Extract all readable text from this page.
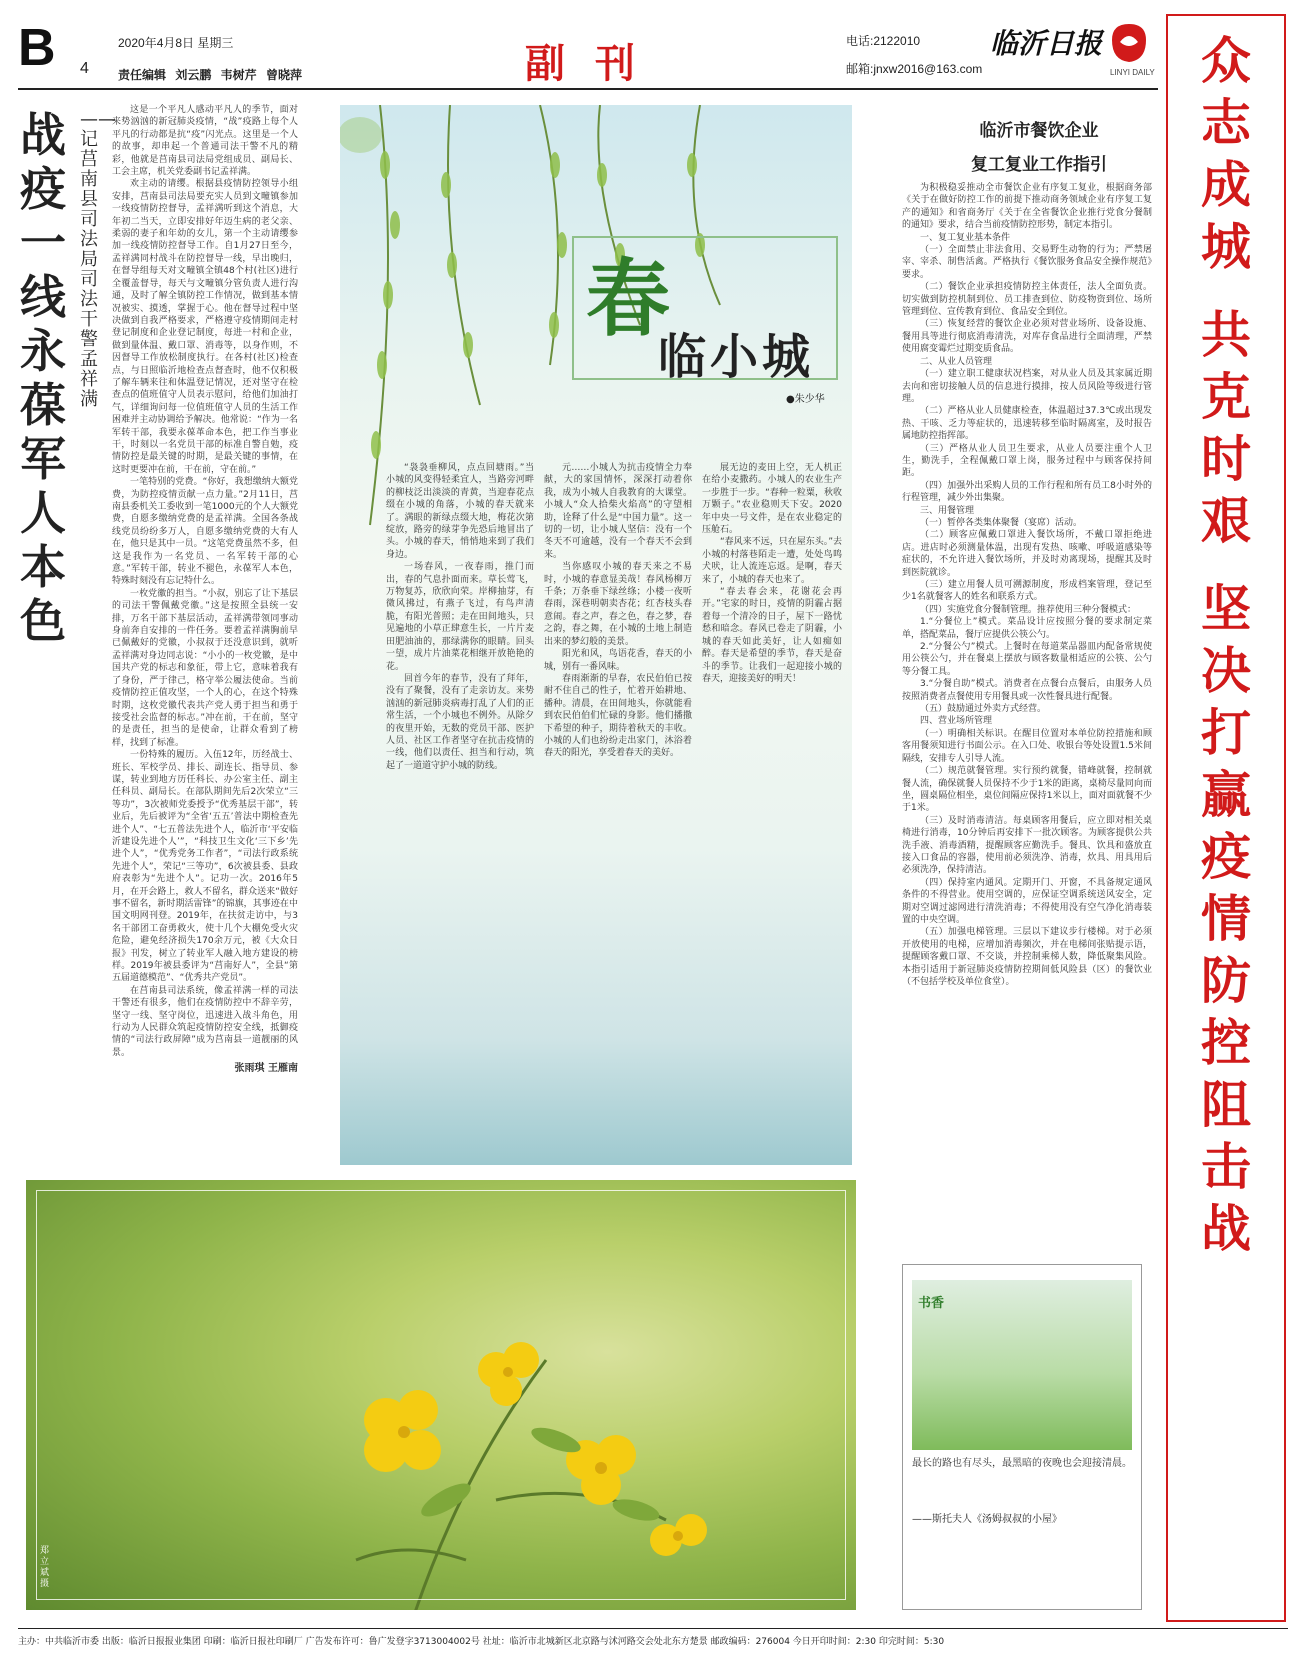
B 4
2020年4月8日 星期三
责任编辑 刘云鹏 韦树芹 曾晓萍	副刊	电话:2122010
邮箱:jnxw2016@163.com
临沂日报
LINYI DAILY 众
志
成
城
共
克
时
艰
坚
决
打
赢
疫
情
防
控
阻
击
战
战疫一线永葆军人本色
——记莒南县司法局司法干警孟祥满

这是一个平凡人感动平凡人的季节，面对来势汹汹的新冠肺炎疫情，“战”疫路上每个人平凡的行动都是抗“疫”闪光点。这里是一个人的故事，却串起一个普通司法干警不凡的精彩，他就是莒南县司法局党组成员、副局长、工会主席，机关党委副书记孟祥满。

欢主动的请缨。根据县疫情防控领导小组安排，莒南县司法局要充实人员到文疃镇参加一线疫情防控督导，孟祥满听到这个消息，大年初二当天，立即安排好年迈生病的老父亲、柔弱的妻子和年幼的女儿，第一个主动请缨参加一线疫情防控督导工作。自1月27日至今，孟祥满同村战斗在防控督导一线，早出晚归，在督导组每天对文疃镇全镇48个村(社区)进行全覆盖督导，每天与文疃镇分管负责人进行沟通，及时了解全镇防控工作情况，做到基本情况被实、摸透，掌握于心。他在督导过程中坚决做到自我严格要求，严格遵守疫情期间走村登记制度和企业登记制度，每进一村和企业，做到量体温、戴口罩、消毒等，以身作则，不因督导工作放松制度执行。在各村(社区)检查点，与日照临沂地检查点督查时，他不仅积极了解车辆来往和体温登记情况，还对坚守在检查点的值班值守人员表示慰问，给他们加油打气，详细询问每一位值班值守人员的生活工作困难并主动协调给予解决。他常说：“作为一名军转干部，我要永葆革命本色，把工作当事业干，时刻以一名党员干部的标准自警自勉，疫情防控是最关键的时期，是最关键的事情，在这时更要冲在前，干在前，守在前。”

一笔特别的党费。“你好，我想缴纳大额党费，为防控疫情贡献一点力量。”2月11日，莒南县委机关工委收到一笔1000元的个人大额党费，自愿多缴纳党费的是孟祥满。全国各条战线党员纷纷多万人，自愿多缴纳党费的大有人在，他只是其中一员。“这笔党费虽然不多，但这是我作为一名党员、一名军转干部的心意。”军转干部，转业不褪色，永葆军人本色，特殊时刻没有忘记特什么。

一枚党徽的担当。“小叔，别忘了让下基层的司法干警佩戴党徽。”这是按照全县统一安排，万名干部下基层活动，孟祥满带领同事动身前奔自安排的一件任务。要着孟祥满胸前早已佩戴好的党徽，小叔叔于还没意识到，就听孟祥满对身边同志说：“小小的一枚党徽，是中国共产党的标志和象征，带上它，意味着我有了身份，严于律己，格守举公履法使命。当前疫情防控正值攻坚，一个人的心，在这个特殊时期，这枚党徽代表共产党人勇于担当和勇于接受社会监督的标志。”冲在前，干在前，坚守的是责任，担当的是使命，让群众看到了榜样，找到了标准。

一份特殊的履历。入伍12年，历经战士、班长、军校学员、排长、副连长、指导员、参谋，转业到地方历任科长、办公室主任、副主任科员、副局长。在部队期间先后2次荣立“三等功”，3次被师党委授予“优秀基层干部”，转业后，先后被评为“全省‘五五’普法中期检查先进个人”、“七五普法先进个人，临沂市‘平安临沂建设先进个人’”，“科技卫生文化‘三下乡’先进个人”，“优秀党务工作者”，“司法行政系统先进个人”，荣记“三等功”，6次被县委、县政府表彰为“先进个人”。记功一次。2016年5月，在开会路上，救人不留名，群众送来“做好事不留名，新时期活雷锋”的锦旗，其事迹在中国文明网刊登。2019年，在扶贫走访中，与3名干部团工奋勇救火，使十几个大棚免受火灾危险，避免经济损失170余万元，被《大众日报》刊发，树立了转业军人融入地方建设的榜样。2019年被县委评为“莒南好人”，全县“第五届道德模范”、“优秀共产党员”。

在莒南县司法系统，像孟祥满一样的司法干警还有很多，他们在疫情防控中不辞辛劳，坚守一线、坚守岗位，迅速进入战斗角色，用行动为人民群众筑起疫情防控安全线，抵御疫情的“司法行政屏障”成为莒南县一道靓丽的风景。

张雨琪 王雁南

春
临小城
●朱少华

“袅袅垂柳风，点点回塘雨。”当小城的风变得轻柔宜人，当路旁河畔的柳枝泛出淡淡的青黄，当迎春花点缀在小城的角落，小城的春天就来了。满眼的新绿点缀大地，梅花次第绽放，路旁的绿芽争先恐后地冒出了头。小城的春天，悄悄地来到了我们身边。

一场春风，一夜春雨，推门而出，春的气息扑面而来。草长莺飞，万物复苏，欣欣向荣。岸柳抽芽，有微风拂过，有燕子飞过，有鸟声清脆，有阳光普照；走在田间地头，只见遍地的小草正肆意生长，一片片麦田肥油油的，那绿满你的眼睛。回头一望，成片片油菜花相继开放艳艳的花。

回首今年的春节，没有了拜年，没有了聚餐，没有了走亲访友。来势汹汹的新冠肺炎病毒打乱了人们的正常生活，一个小城也不例外。从除夕的夜里开始，无数的党员干部、医护人员、社区工作者坚守在抗击疫情的一线，他们以责任、担当和行动，筑起了一道道守护小城的防线。

元……小城人为抗击疫情全力奉献，大的家国情怀，深深打动着你我，成为小城人自我教育的大课堂。小城人“众人拾柴火焰高”的守望相助，诠释了什么是“中国力量”。这一切的一切，让小城人坚信：没有一个冬天不可逾越，没有一个春天不会到来。

当你感叹小城的春天来之不易时，小城的春意显美哉！春风杨柳万千条；万条垂下绿丝绦；小楼一夜听春雨，深巷明朝卖杏花；红杏枝头春意闹。春之声，春之色，春之梦，春之韵，春之舞，在小城的土地上制造出来的梦幻般的美景。

阳光和风，鸟语花香，春天的小城，别有一番风味。

春雨渐渐的早春，农民伯伯已按耐不住自己的性子，忙着开始耕地、播种。清晨，在田间地头，你就能看到农民伯伯们忙碌的身影。他们播撒下希望的种子，期待着秋天的丰收。小城的人们也纷纷走出家门，沐浴着春天的阳光，享受着春天的美好。

展无边的麦田上空，无人机正在给小麦撒药。小城人的农业生产一步胜于一步。“春种一粒粟，秋收万颗子。”农业稳则天下安。2020年中央一号文件，是在农业稳定的压舱石。

“春风来不远，只在屋东头。”去小城的村落巷陌走一遭，处处鸟鸣犬吠，让人流连忘返。是啊，春天来了，小城的春天也来了。

“春去春会来，花谢花会再开。”宅家的时日，疫情的阴霾占据着每一个清冷的日子，屋下一路忧愁和暗念。春风已卷走了阴霾，小城的春天如此美好，让人如痴如醉。春天是希望的季节，春天是奋斗的季节。让我们一起迎接小城的春天，迎接美好的明天！

临沂市餐饮企业
复工复业工作指引

为积极稳妥推动全市餐饮企业有序复工复业，根据商务部《关于在做好防控工作的前提下推动商务领域企业有序复工复产的通知》和省商务厅《关于在全省餐饮企业推行党食分餐制的通知》要求，结合当前疫情防控形势，制定本指引。

一、复工复业基本条件

（一）全面禁止非法食用、交易野生动物的行为；严禁屠宰、宰杀、制售活禽。严格执行《餐饮服务食品安全操作规范》要求。

（二）餐饮企业承担疫情防控主体责任，法人全面负责。切实做到防控机制到位、员工排查到位、防疫物资到位、场所管理到位、宣传教育到位、食品安全到位。

（三）恢复经营的餐饮企业必须对营业场所、设备设施、餐用具等进行彻底消毒清洗，对库存食品进行全面清理，严禁使用腐变霉烂过期变质食品。

二、从业人员管理

（一）建立职工健康状况档案，对从业人员及其家属近期去向和密切接触人员的信息进行摸排，按人员风险等级进行管理。

（二）严格从业人员健康检查，体温超过37.3℃或出现发热、干咳、乏力等症状的，迅速转移至临时隔离室，及时报告属地防控指挥部。

（三）严格从业人员卫生要求，从业人员要注重个人卫生，勤洗手，全程佩戴口罩上岗，服务过程中与顾客保持间距。

（四）加强外出采购人员的工作行程和所有员工8小时外的行程管理，减少外出集聚。

三、用餐管理

（一）暂停各类集体聚餐（宴席）活动。

（二）顾客应佩戴口罩进入餐饮场所，不戴口罩拒绝进店。进店时必须测量体温，出现有发热、咳嗽、呼吸道感染等症状的，不允许进入餐饮场所，并及时劝离现场，提醒其及时到医院就诊。

（三）建立用餐人员可溯源制度，形成档案管理，登记至少1名就餐客人的姓名和联系方式。

（四）实施党食分餐制管理。推荐使用三种分餐模式：

1.“分餐位上”模式。菜品设计应按照分餐的要求制定菜单，搭配菜品，餐厅应提供公筷公勺。

2.“分餐公勺”模式。上餐时在每道菜品器皿内配备常规使用公筷公勺，并在餐桌上摆放与顾客数量相适应的公筷、公勺等分餐工具。

3.“分餐自助”模式。消费者在点餐台点餐后，由服务人员按照消费者点餐使用专用餐具或一次性餐具进行配餐。

（五）鼓励通过外卖方式经营。

四、营业场所管理

（一）明确相关标识。在醒目位置对本单位防控措施和顾客用餐须知进行书面公示。在入口处、收银台等处设置1.5米间隔线，安排专人引导人流。

（二）规范就餐管理。实行预约就餐，错峰就餐，控制就餐人流，确保就餐人员保持不少于1米的距离，桌椅尽量同向而坐，圆桌隔位相坐，桌位间隔应保持1米以上，面对面就餐不少于1米。

（三）及时消毒清洁。每桌顾客用餐后，应立即对相关桌椅进行消毒，10分钟后再安排下一批次顾客。为顾客提供公共洗手液、消毒酒精，提醒顾客应勤洗手。餐具、饮具和盛放直接入口食品的容器，使用前必须洗净、消毒，炊具、用具用后必须洗净，保持清洁。

（四）保持室内通风。定期开门、开窗，不具备规定通风条件的不得营业。使用空调的，应保证空调系统送风安全，定期对空调过滤网进行清洗消毒；不得使用没有空气净化消毒装置的中央空调。

（五）加强电梯管理。三层以下建议步行楼梯。对于必须开放使用的电梯，应增加消毒频次，并在电梯间张贴提示语，提醒顾客戴口罩、不交谈，并控制乘梯人数，降低聚集风险。本指引适用于新冠肺炎疫情防控期间低风险县（区）的餐饮业（不包括学校及单位食堂）。

郑立斌 摄
书香
最长的路也有尽头，最黑暗的夜晚也会迎接清晨。
——斯托夫人《汤姆叔叔的小屋》
主办：中共临沂市委 出版：临沂日报报业集团 印刷：临沂日报社印刷厂 广告发布许可：鲁广发登字3713004002号 社址：临沂市北城新区北京路与沭河路交会处北东方楚景 邮政编码：276004 今日开印时间：2:30 印完时间：5:30
